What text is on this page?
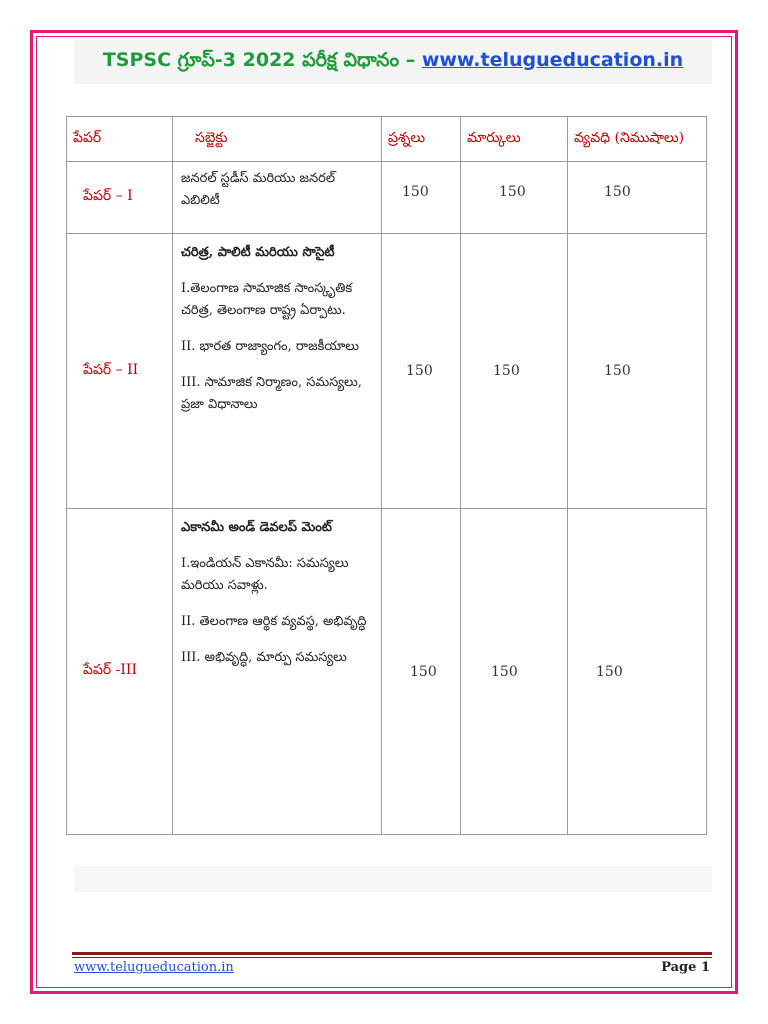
TSPSC గ్రూప్-3 2022 పరీక్ష విధానం – www.telugueducation.in
పేపర్	సబ్జెక్టు	ప్రశ్నలు	మార్కులు	వ్యవధి (నిముషాలు)
పేపర్ – I	జనరల్ స్టడీస్ మరియు జనరల్ ఎబిలిటీ	150	150	150
పేపర్ – II	చరిత్ర, పాలిటీ మరియు సొసైటీ

I.తెలంగాణ సామాజిక సాంస్కృతిక చరిత్ర, తెలంగాణ రాష్ట్ర ఏర్పాటు.

II. భారత రాజ్యాంగం, రాజకీయాలు

III. సామాజిక నిర్మాణం, సమస్యలు, ప్రజా విధానాలు	150	150	150
పేపర్ -III	ఎకానమీ అండ్ డెవలప్ మెంట్

I.ఇండియన్ ఎకానమీ: సమస్యలు మరియు సవాళ్లు.

II. తెలంగాణ ఆర్థిక వ్యవస్థ, అభివృద్ధి

III. అభివృద్ధి, మార్పు సమస్యలు	150	150	150
www.telugueducation.in	Page 1
